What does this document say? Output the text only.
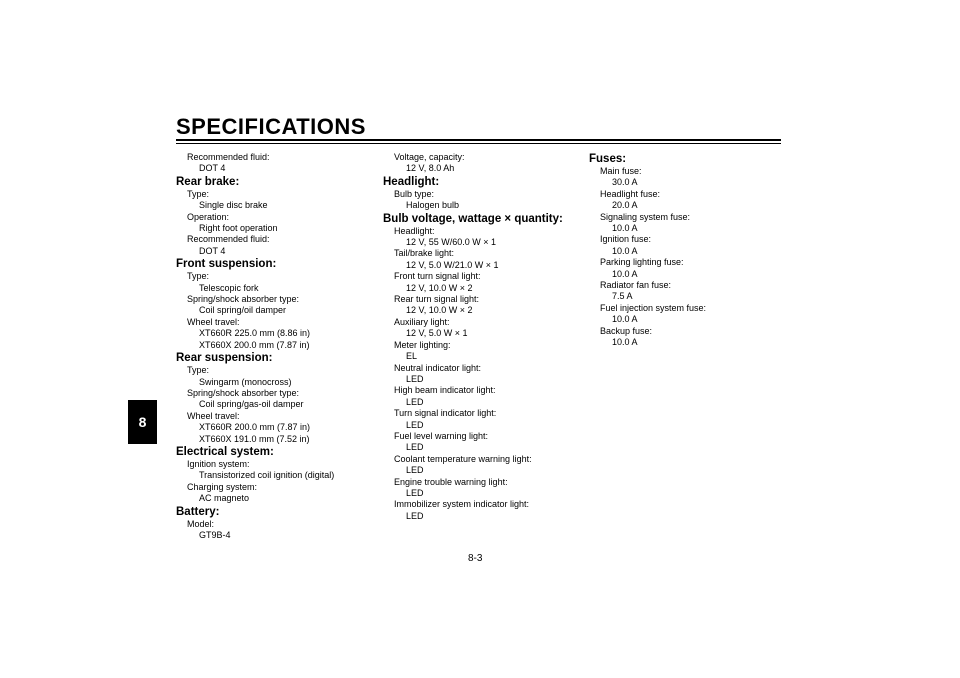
SPECIFICATIONS
8
Recommended fluid:
DOT 4
Rear brake:
Type:
Single disc brake
Operation:
Right foot operation
Recommended fluid:
DOT 4
Front suspension:
Type:
Telescopic fork
Spring/shock absorber type:
Coil spring/oil damper
Wheel travel:
XT660R 225.0 mm (8.86 in)
XT660X 200.0 mm (7.87 in)
Rear suspension:
Type:
Swingarm (monocross)
Spring/shock absorber type:
Coil spring/gas-oil damper
Wheel travel:
XT660R 200.0 mm (7.87 in)
XT660X 191.0 mm (7.52 in)
Electrical system:
Ignition system:
Transistorized coil ignition (digital)
Charging system:
AC magneto
Battery:
Model:
GT9B-4
Voltage, capacity:
12 V, 8.0 Ah
Headlight:
Bulb type:
Halogen bulb
Bulb voltage, wattage × quantity:
Headlight:
12 V, 55 W/60.0 W × 1
Tail/brake light:
12 V, 5.0 W/21.0 W × 1
Front turn signal light:
12 V, 10.0 W × 2
Rear turn signal light:
12 V, 10.0 W × 2
Auxiliary light:
12 V, 5.0 W × 1
Meter lighting:
EL
Neutral indicator light:
LED
High beam indicator light:
LED
Turn signal indicator light:
LED
Fuel level warning light:
LED
Coolant temperature warning light:
LED
Engine trouble warning light:
LED
Immobilizer system indicator light:
LED
Fuses:
Main fuse:
30.0 A
Headlight fuse:
20.0 A
Signaling system fuse:
10.0 A
Ignition fuse:
10.0 A
Parking lighting fuse:
10.0 A
Radiator fan fuse:
7.5 A
Fuel injection system fuse:
10.0 A
Backup fuse:
10.0 A
8-3
